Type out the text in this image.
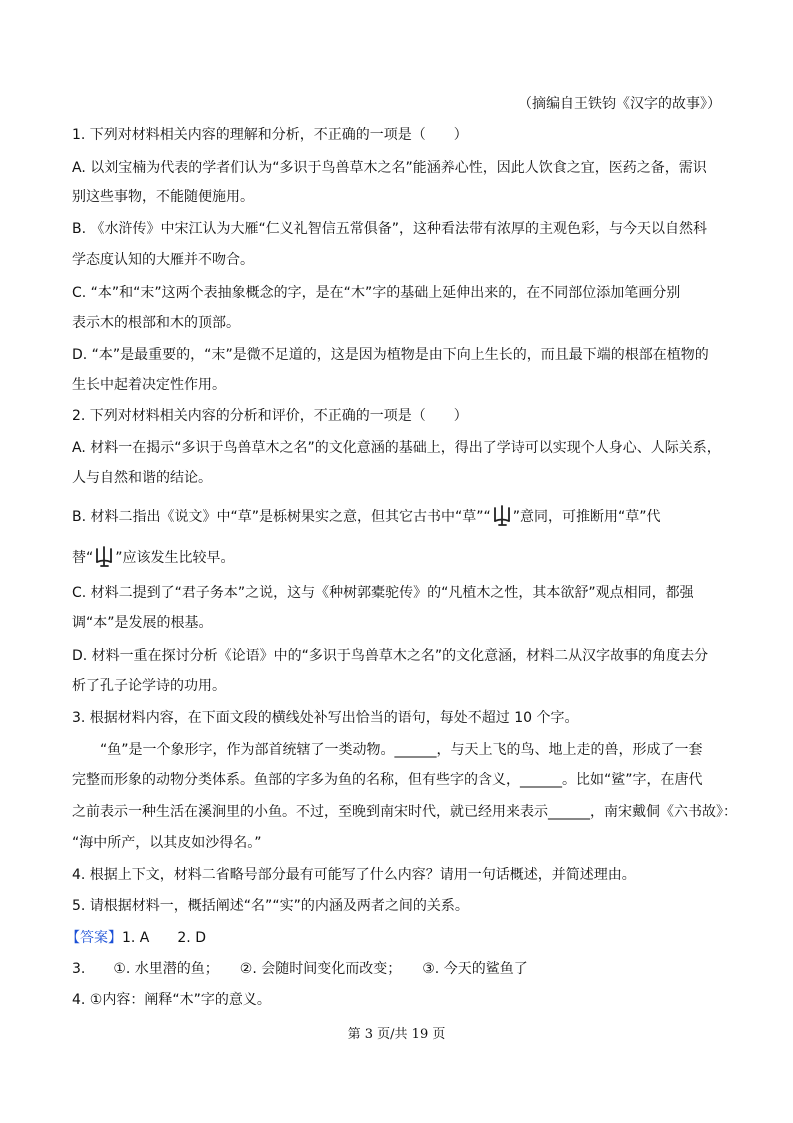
（摘编自王铁钧《汉字的故事》）
1. 下列对材料相关内容的理解和分析，不正确的一项是（　　）
A. 以刘宝楠为代表的学者们认为“多识于鸟兽草木之名”能涵养心性，因此人饮食之宜，医药之备，需识
别这些事物，不能随便施用。
B. 《水浒传》中宋江认为大雁“仁义礼智信五常俱备”，这种看法带有浓厚的主观色彩，与今天以自然科
学态度认知的大雁并不吻合。
C. “本”和“末”这两个表抽象概念的字，是在“木”字的基础上延伸出来的，在不同部位添加笔画分别
表示木的根部和木的顶部。
D. “本”是最重要的，“末”是微不足道的，这是因为植物是由下向上生长的，而且最下端的根部在植物的
生长中起着决定性作用。
2. 下列对材料相关内容的分析和评价，不正确的一项是（　　）
A. 材料一在揭示“多识于鸟兽草木之名”的文化意涵的基础上，得出了学诗可以实现个人身心、人际关系，
人与自然和谐的结论。
B. 材料二指出《说文》中“草”是栎树果实之意，但其它古书中“草”“ ”意同，可推断用“草”代
替“ ”应该发生比较早。
C. 材料二提到了“君子务本”之说，这与《种树郭橐驼传》的“凡植木之性，其本欲舒”观点相同，都强
调“本”是发展的根基。
D. 材料一重在探讨分析《论语》中的“多识于鸟兽草木之名”的文化意涵，材料二从汉字故事的角度去分
析了孔子论学诗的功用。
3. 根据材料内容，在下面文段的横线处补写出恰当的语句，每处不超过 10 个字。
“鱼”是一个象形字，作为部首统辖了一类动物。______，与天上飞的鸟、地上走的兽，形成了一套
完整而形象的动物分类体系。鱼部的字多为鱼的名称，但有些字的含义，______。比如“鲨”字，在唐代
之前表示一种生活在溪涧里的小鱼。不过，至晚到南宋时代，就已经用来表示______，南宋戴侗《六书故》：
“海中所产，以其皮如沙得名。”
4. 根据上下文，材料二省略号部分最有可能写了什么内容？请用一句话概述，并简述理由。
5. 请根据材料一，概括阐述“名”“实”的内涵及两者之间的关系。
【答案】1. A　　2. D
3.　　①. 水里潜的鱼；　　②. 会随时间变化而改变；　　③. 今天的鲨鱼了
4. ①内容：阐释“木”字的意义。
第 3 页/共 19 页
